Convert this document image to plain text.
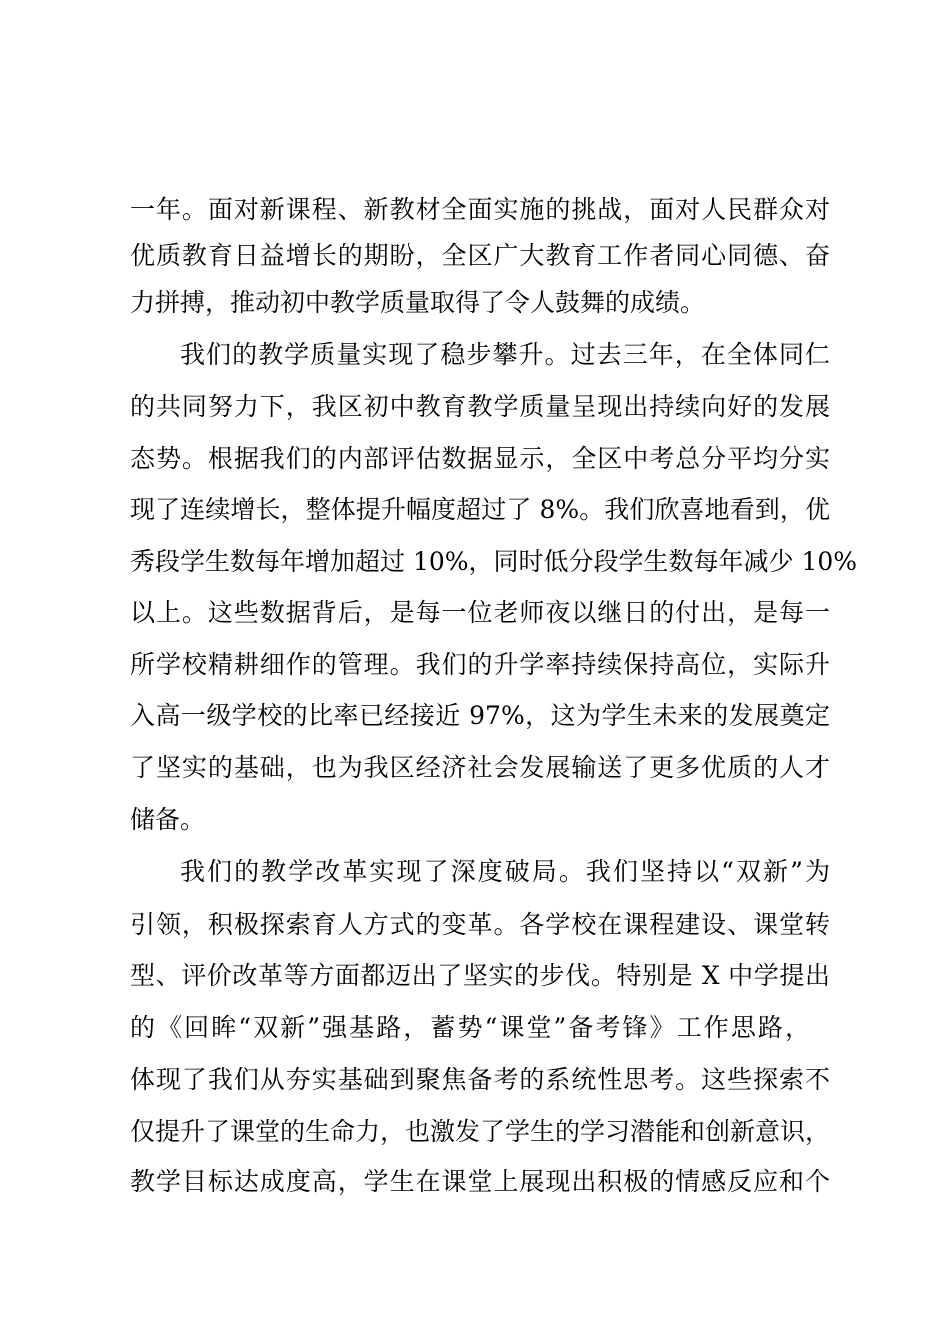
一年。面对新课程、新教材全面实施的挑战，面对人民群众对
优质教育日益增长的期盼，全区广大教育工作者同心同德、奋
力拼搏，推动初中教学质量取得了令人鼓舞的成绩。
我们的教学质量实现了稳步攀升。过去三年，在全体同仁
的共同努力下，我区初中教育教学质量呈现出持续向好的发展
态势。根据我们的内部评估数据显示，全区中考总分平均分实
现了连续增长，整体提升幅度超过了 8%。我们欣喜地看到，优
秀段学生数每年增加超过 10%，同时低分段学生数每年减少 10%
以上。这些数据背后，是每一位老师夜以继日的付出，是每一
所学校精耕细作的管理。我们的升学率持续保持高位，实际升
入高一级学校的比率已经接近 97%，这为学生未来的发展奠定
了坚实的基础，也为我区经济社会发展输送了更多优质的人才
储备。
我们的教学改革实现了深度破局。我们坚持以“双新”为
引领，积极探索育人方式的变革。各学校在课程建设、课堂转
型、评价改革等方面都迈出了坚实的步伐。特别是 X 中学提出
的《回眸“双新”强基路，蓄势“课堂”备考锋》工作思路，
体现了我们从夯实基础到聚焦备考的系统性思考。这些探索不
仅提升了课堂的生命力，也激发了学生的学习潜能和创新意识，
教学目标达成度高，学生在课堂上展现出积极的情感反应和个
